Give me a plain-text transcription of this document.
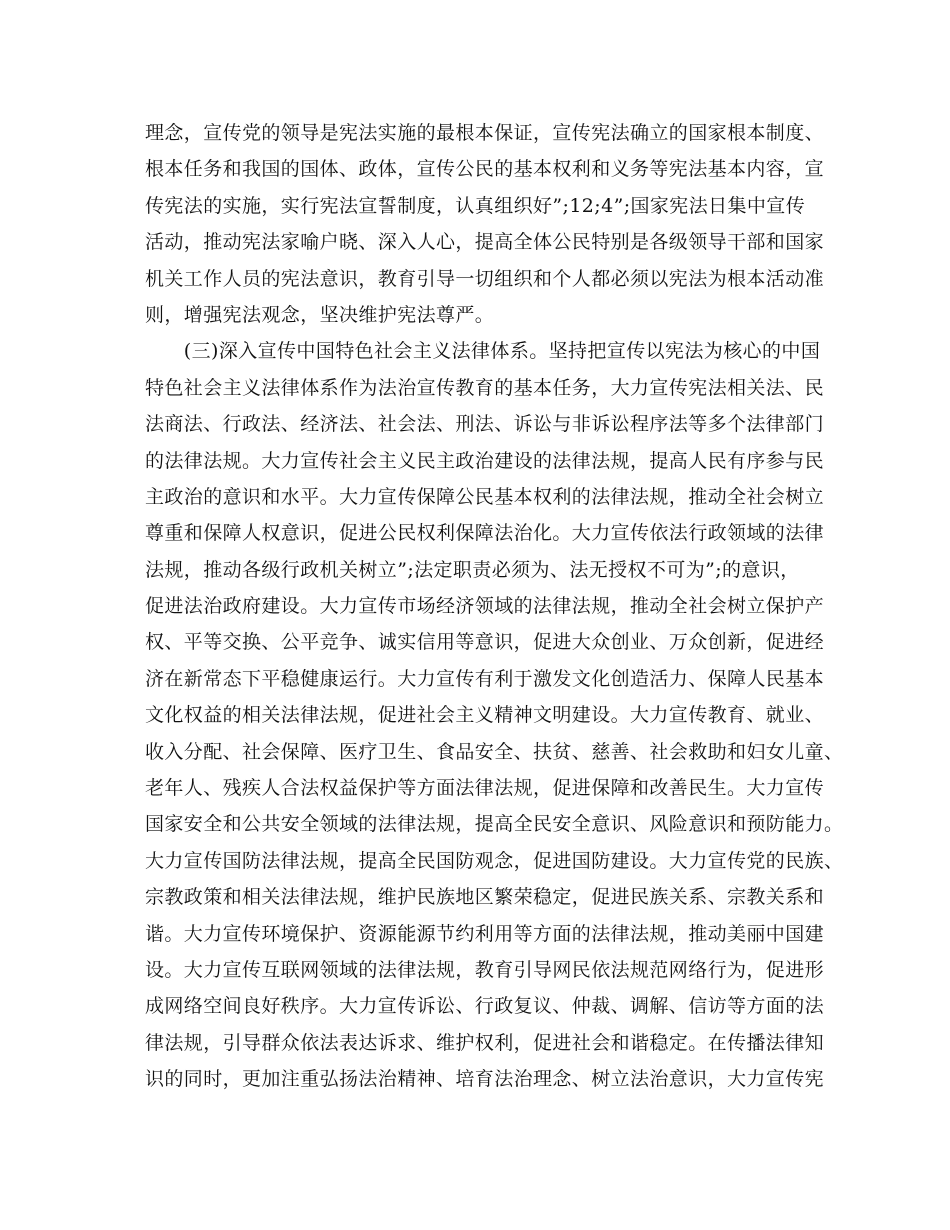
理念，宣传党的领导是宪法实施的最根本保证，宣传宪法确立的国家根本制度、
根本任务和我国的国体、政体，宣传公民的基本权利和义务等宪法基本内容，宣
传宪法的实施，实行宪法宣誓制度，认真组织好”;12;4”;国家宪法日集中宣传
活动，推动宪法家喻户晓、深入人心，提高全体公民特别是各级领导干部和国家
机关工作人员的宪法意识，教育引导一切组织和个人都必须以宪法为根本活动准
则，增强宪法观念，坚决维护宪法尊严。
　　(三)深入宣传中国特色社会主义法律体系。坚持把宣传以宪法为核心的中国
特色社会主义法律体系作为法治宣传教育的基本任务，大力宣传宪法相关法、民
法商法、行政法、经济法、社会法、刑法、诉讼与非诉讼程序法等多个法律部门
的法律法规。大力宣传社会主义民主政治建设的法律法规，提高人民有序参与民
主政治的意识和水平。大力宣传保障公民基本权利的法律法规，推动全社会树立
尊重和保障人权意识，促进公民权利保障法治化。大力宣传依法行政领域的法律
法规，推动各级行政机关树立”;法定职责必须为、法无授权不可为”;的意识，
促进法治政府建设。大力宣传市场经济领域的法律法规，推动全社会树立保护产
权、平等交换、公平竞争、诚实信用等意识，促进大众创业、万众创新，促进经
济在新常态下平稳健康运行。大力宣传有利于激发文化创造活力、保障人民基本
文化权益的相关法律法规，促进社会主义精神文明建设。大力宣传教育、就业、
收入分配、社会保障、医疗卫生、食品安全、扶贫、慈善、社会救助和妇女儿童、
老年人、残疾人合法权益保护等方面法律法规，促进保障和改善民生。大力宣传
国家安全和公共安全领域的法律法规，提高全民安全意识、风险意识和预防能力。
大力宣传国防法律法规，提高全民国防观念，促进国防建设。大力宣传党的民族、
宗教政策和相关法律法规，维护民族地区繁荣稳定，促进民族关系、宗教关系和
谐。大力宣传环境保护、资源能源节约利用等方面的法律法规，推动美丽中国建
设。大力宣传互联网领域的法律法规，教育引导网民依法规范网络行为，促进形
成网络空间良好秩序。大力宣传诉讼、行政复议、仲裁、调解、信访等方面的法
律法规，引导群众依法表达诉求、维护权利，促进社会和谐稳定。在传播法律知
识的同时，更加注重弘扬法治精神、培育法治理念、树立法治意识，大力宣传宪
